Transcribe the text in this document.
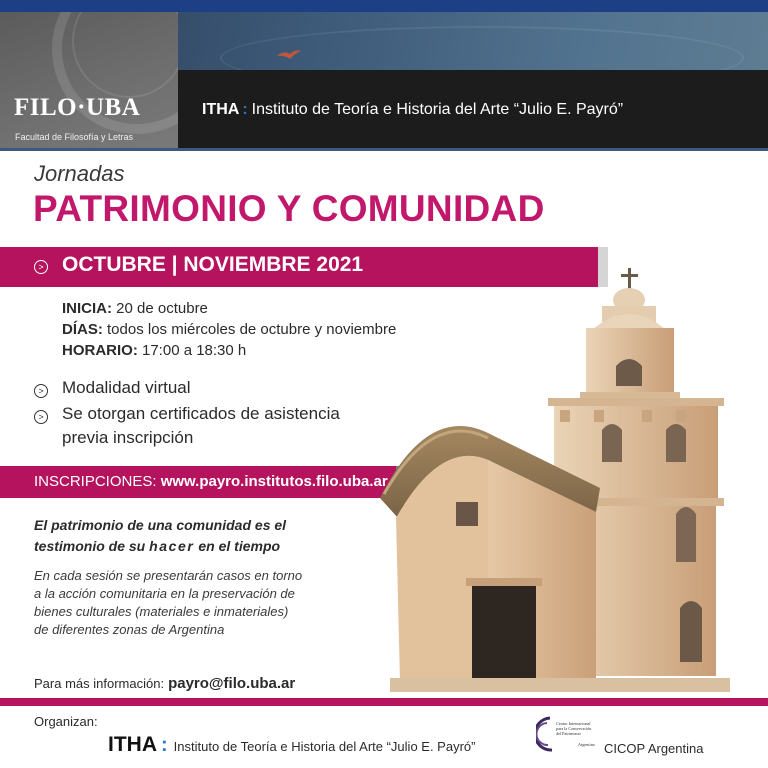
FILO·UBA
Facultad de Filosofía y Letras
ITHA : Instituto de Teoría e Historia del Arte “Julio E. Payró”
Jornadas
PATRIMONIO Y COMUNIDAD
> OCTUBRE | NOVIEMBRE 2021
INICIA: 20 de octubre
DÍAS: todos los miércoles de octubre y noviembre
HORARIO: 17:00 a 18:30 h
> Modalidad virtual
> Se otorgan certificados de asistencia
previa inscripción
INSCRIPCIONES: www.payro.institutos.filo.uba.ar
El patrimonio de una comunidad es el
testimonio de su hacer en el tiempo
En cada sesión se presentarán casos en torno
a la acción comunitaria en la preservación de
bienes culturales (materiales e inmateriales)
de diferentes zonas de Argentina
Para más información: payro@filo.uba.ar
Organizan:
ITHA : Instituto de Teoría e Historia del Arte “Julio E. Payró”
Centro Internacional
para la Conservación
del Patrimonio
Argentina CICOP Argentina
